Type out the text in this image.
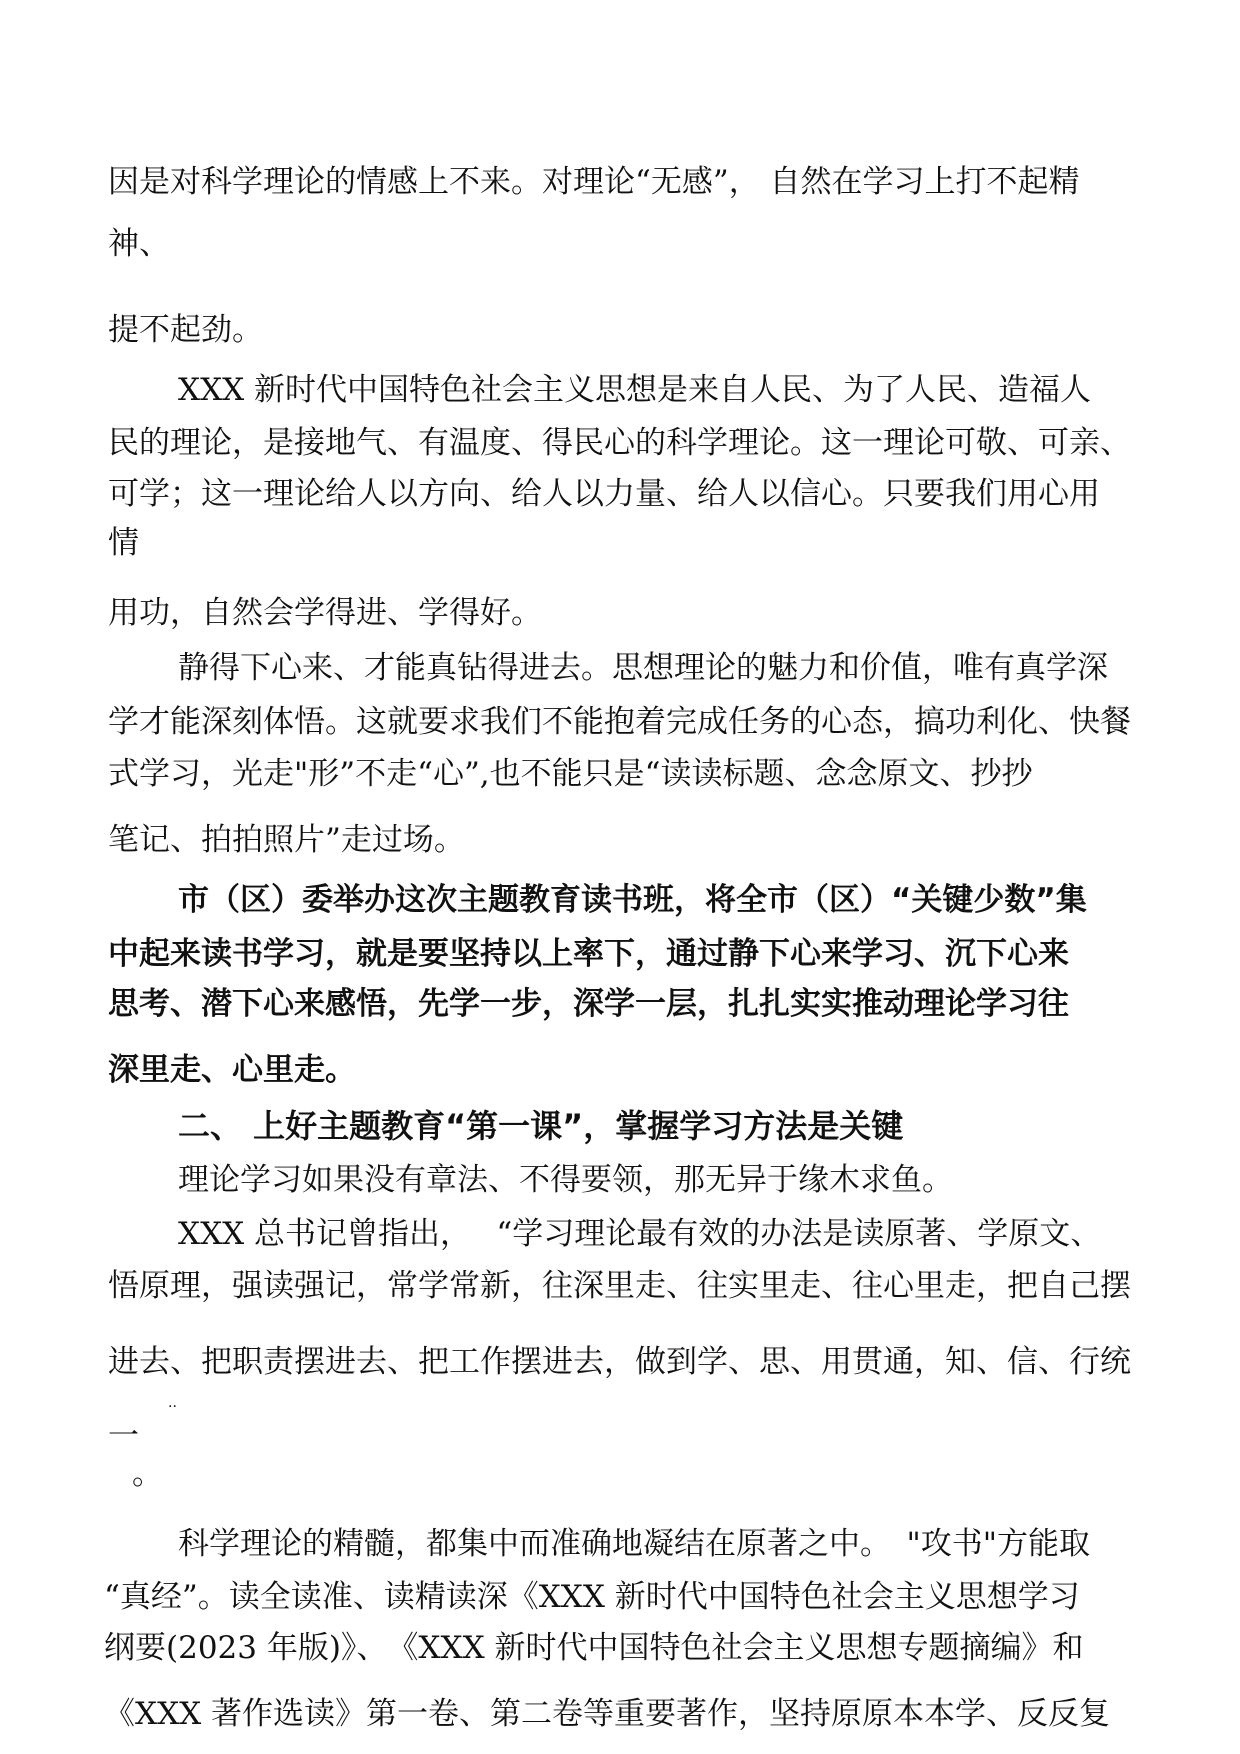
因是对科学理论的情感上不来。对理论“无感”， 自然在学习上打不起精

神、

提不起劲。

XXX 新时代中国特色社会主义思想是来自人民、为了人民、造福人

民的理论，是接地气、有温度、得民心的科学理论。这一理论可敬、可亲、

可学；这一理论给人以方向、给人以力量、给人以信心。只要我们用心用

情

用功，自然会学得进、学得好。

静得下心来、才能真钻得进去。思想理论的魅力和价值，唯有真学深

学才能深刻体悟。这就要求我们不能抱着完成任务的心态，搞功利化、快餐

式学习，光走"形”不走“心”,也不能只是“读读标题、念念原文、抄抄

笔记、拍拍照片”走过场。

市（区）委举办这次主题教育读书班，将全市（区）“关键少数”集

中起来读书学习，就是要坚持以上率下，通过静下心来学习、沉下心来

思考、潜下心来感悟，先学一步，深学一层，扎扎实实推动理论学习往

深里走、心里走。

二、 上好主题教育“第一课”，掌握学习方法是关键

理论学习如果没有章法、不得要领，那无异于缘木求鱼。

XXX 总书记曾指出，　 “学习理论最有效的办法是读原著、学原文、

悟原理，强读强记，常学常新，往深里走、往实里走、往心里走，把自己摆

进去、把职责摆进去、把工作摆进去，做到学、思、用贯通，知、信、行统

..

一

。

科学理论的精髓，都集中而准确地凝结在原著之中。　"攻书"方能取

“真经”。读全读准、读精读深《XXX 新时代中国特色社会主义思想学习

纲要(2023 年版)》、　《XXX 新时代中国特色社会主义思想专题摘编》和

《XXX 著作选读》第一卷、第二卷等重要著作，坚持原原本本学、反反复
